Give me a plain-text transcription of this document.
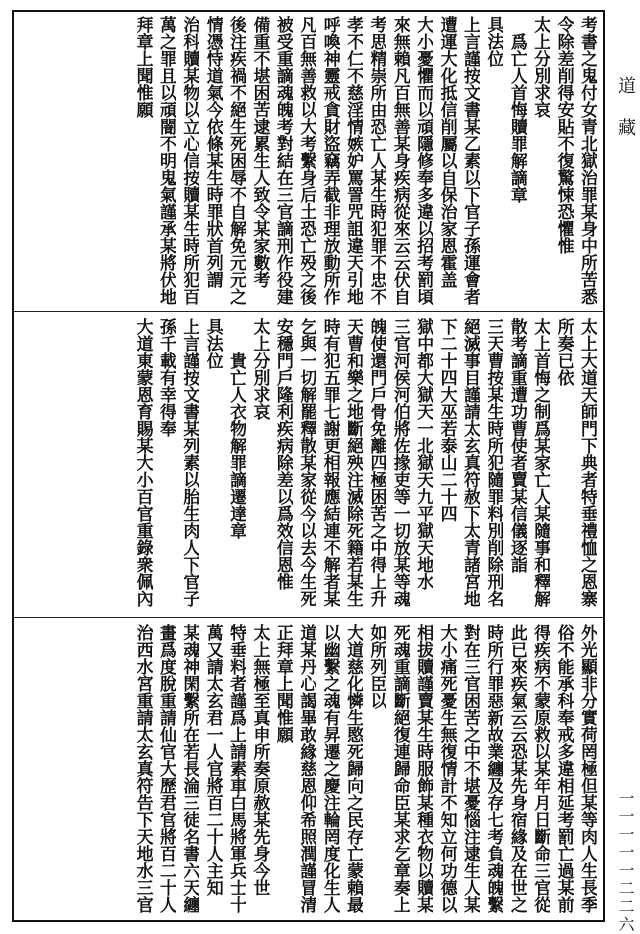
考書之鬼付女青北獄治罪某身中所苦悉
令除差削得安貼不復驚悚恐懼惟
太上分別求哀
　爲亡人首悔贖罪解謫章
具法位
上言謹按文書某乙素以下官子孫運會者
遭運大化抵信削屬以自保治家恩霍盖
大小憂懼而以頑隱修奉多違以招考罰頃
來無賴凡百無善某身疾病從來云云伏自
考思精崇所由恐亡人某生時犯罪不忠不
孝不仁不慈淫情嫉妒罵詈咒詛違天引地
呼喚神靈戒貪財盜竊弄截非理放動所作
凡百無善救以大考繫身后土恐亡殁之後
被受重謫魂魄考對結在三官謫刑作役建
備重不堪困苦逮累生人致令某家數考
後注疾禍不絕生死困辱不自解免元元之
情憑恃道氣今依條某生時罪狀首列謂
治科贖某物以立心信按贖某生時所犯百
萬之罪且以頑闇不明鬼氣謹承某將伏地
拜章上聞惟願
太上大道天師門下典者特垂禮恤之恩寨
所奏已依
太上首悔之制爲某家亡人某隨事和釋解
散考謫重遭功曹使者賣某信儀逐詣
三天曹按某生時所犯隨罪料別削除刑名
絕滅事目謹請太玄真符赦下太青諸宮地
下二十四大巫若泰山二十四
獄中都大獄天一北獄天九平獄天地水
三官河侯河伯將佐掾吏等一切放某等魂
魄使還門戶骨免離四極困苦之中得上升
天曹和樂之地斷絕殃注滅除死籍若某生
時有犯五罪七謝更相報應結連不解者某
乞與一切解罷釋散某家從今以去今生死
安穩門戶隆利疾病除差以爲效信恩惟
太上分別求哀
　　貴亡人衣物解罪謫遷達章
具法位
上言謹按文書某列素以胎生肉人下官子
孫千載有幸得奉
大道東蒙恩育賜某大小百官重錄衆佩內
外光顯非分實荷罔極但某等肉人生長季
俗不能承科奉戒多違相延考罰亡過某前
得疾病不蒙原救以某年月日斷命三官從
此已來疾氣云云恐某先身宿緣及在世之
時所行罪惡新故業纏及存七考負魂魄繫
對在三官困苦之中不堪憂惱注逮生人某
大小痛死憂生無復情計不知立何功德以
相拔贖謹賣某生時服飾某種衣物以贖某
死魂重謫斷絕復連歸命臣某求乞章奏上
如所列臣以
大道慈化憐生愍死歸向之民存亡蒙賴最
以幽繫之魂有昇遷之慶注輪罔度化生人
道某丹心謁畢敢緣慈恩仰希照潤謹冒清
正拜章上聞惟願
太上無極至真申所奏原赦某先身今世
特垂料者謹爲上請素車白馬將軍兵士十
萬又請太玄君一人官將百二十人主知
某魂神閑繫所在若長淪三徒名書六天纏
畫爲度脫重請仙官大歷君官將百二十人
治西水宮重請太玄真符告下天地水三官
道藏
一一一一一二二六
